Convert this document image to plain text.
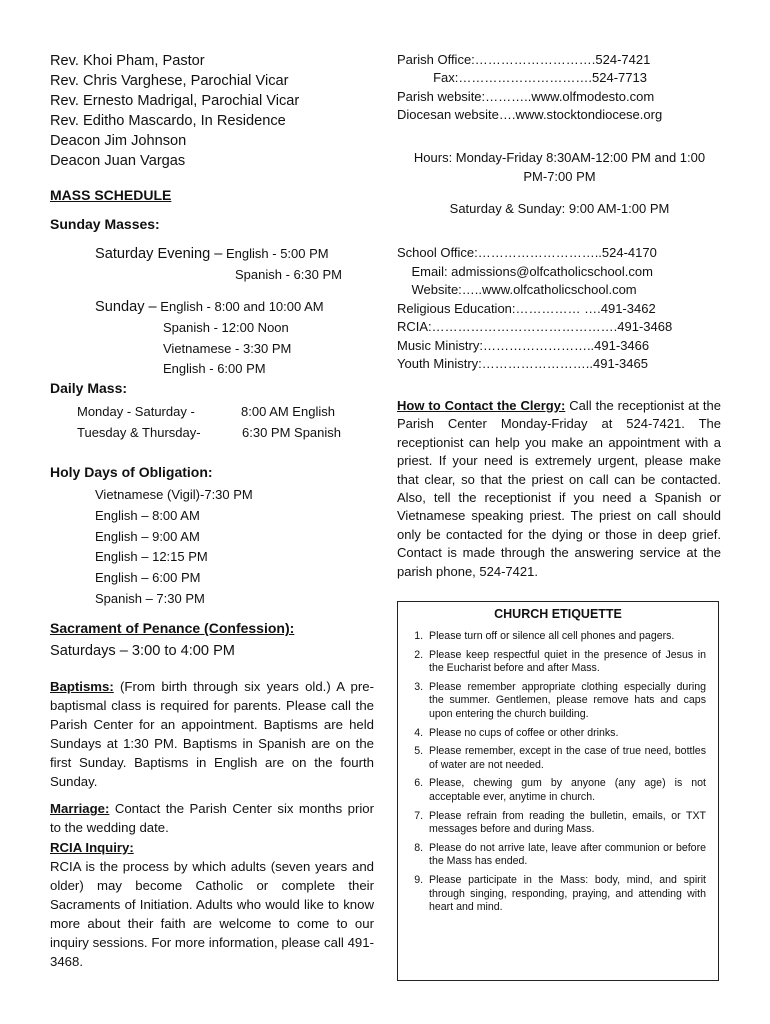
Rev. Khoi Pham, Pastor
Rev. Chris Varghese, Parochial Vicar
Rev. Ernesto Madrigal, Parochial Vicar
Rev. Editho Mascardo, In Residence
Deacon Jim Johnson
Deacon Juan Vargas
MASS SCHEDULE
Sunday Masses:
Saturday Evening – English - 5:00 PM
Spanish - 6:30 PM
Sunday – English - 8:00 and 10:00 AM
Spanish - 12:00 Noon
Vietnamese - 3:30 PM
English - 6:00 PM
Daily Mass:
Monday - Saturday -	8:00 AM English
Tuesday & Thursday-	6:30 PM Spanish
Holy Days of Obligation:
Vietnamese (Vigil)-7:30 PM
English – 8:00 AM
English – 9:00 AM
English – 12:15 PM
English – 6:00 PM
Spanish – 7:30 PM
Sacrament of Penance (Confession):
Saturdays – 3:00 to 4:00 PM
Baptisms: (From birth through six years old.) A pre-baptismal class is required for parents. Please call the Parish Center for an appointment. Baptisms are held Sundays at 1:30 PM. Baptisms in Spanish are on the first Sunday. Baptisms in English are on the fourth Sunday.
Marriage: Contact the Parish Center six months prior to the wedding date.
RCIA Inquiry:
RCIA is the process by which adults (seven years and older) may become Catholic or complete their Sacraments of Initiation. Adults who would like to know more about their faith are welcome to come to our inquiry sessions. For more information, please call 491-3468.
Parish Office:……………………….524-7421
Fax:………………………….524-7713
Parish website:………..www.olfmodesto.com
Diocesan website….www.stocktondiocese.org
Hours: Monday-Friday 8:30AM-12:00 PM and 1:00 PM-7:00 PM
Saturday & Sunday: 9:00 AM-1:00 PM
School Office:………………………..524-4170
Email: admissions@olfcatholicschool.com
Website:…..www.olfcatholicschool.com
Religious Education:…………… ….491-3462
RCIA:…………………………………….491-3468
Music Ministry:……………………..491-3466
Youth Ministry:……………………..491-3465
How to Contact the Clergy: Call the receptionist at the Parish Center Monday-Friday at 524-7421. The receptionist can help you make an appointment with a priest. If your need is extremely urgent, please make that clear, so that the priest on call can be contacted. Also, tell the receptionist if you need a Spanish or Vietnamese speaking priest. The priest on call should only be contacted for the dying or those in deep grief. Contact is made through the answering service at the parish phone, 524-7421.
CHURCH ETIQUETTE
1. Please turn off or silence all cell phones and pagers.
2. Please keep respectful quiet in the presence of Jesus in the Eucharist before and after Mass.
3. Please remember appropriate clothing especially during the summer. Gentlemen, please remove hats and caps upon entering the church building.
4. Please no cups of coffee or other drinks.
5. Please remember, except in the case of true need, bottles of water are not needed.
6. Please, chewing gum by anyone (any age) is not acceptable ever, anytime in church.
7. Please refrain from reading the bulletin, emails, or TXT messages before and during Mass.
8. Please do not arrive late, leave after communion or before the Mass has ended.
9. Please participate in the Mass: body, mind, and spirit through singing, responding, praying, and attending with heart and mind.
